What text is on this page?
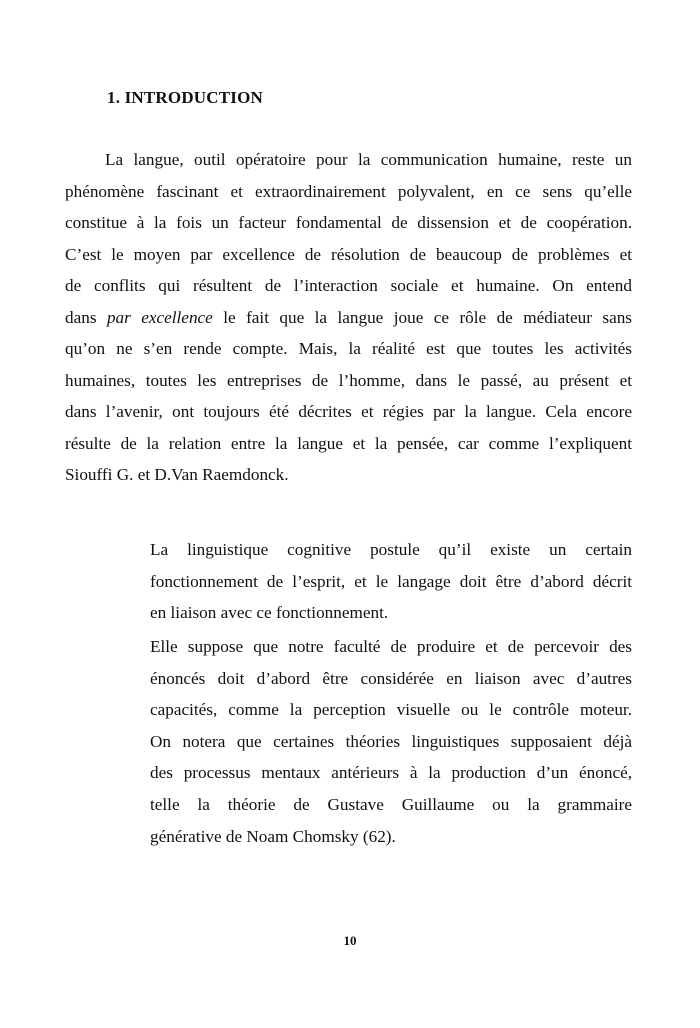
1. INTRODUCTION
La langue, outil opératoire pour la communication humaine, reste un
phénomène fascinant et extraordinairement polyvalent, en ce sens qu’elle
constitue à la fois un facteur fondamental de dissension et de coopération.
C’est le moyen par excellence de résolution de beaucoup de problèmes et
de conflits qui résultent de l’interaction sociale et humaine. On entend
dans par excellence le fait que la langue joue ce rôle de médiateur sans
qu’on ne s’en rende compte. Mais, la réalité est que toutes les activités
humaines, toutes les entreprises de l’homme, dans le passé, au présent et
dans l’avenir, ont toujours été décrites et régies par la langue. Cela encore
résulte de la relation entre la langue et la pensée, car comme l’expliquent
Siouffi G. et D.Van Raemdonck.
La linguistique cognitive postule qu’il existe un certain
fonctionnement de l’esprit, et le langage doit être d’abord décrit
en liaison avec ce fonctionnement.
Elle suppose que notre faculté de produire et de percevoir des
énoncés doit d’abord être considérée en liaison avec d’autres
capacités, comme la perception visuelle ou le contrôle moteur.
On notera que certaines théories linguistiques supposaient déjà
des processus mentaux antérieurs à la production d’un énoncé,
telle la théorie de Gustave Guillaume ou la grammaire
générative de Noam Chomsky (62).
10
